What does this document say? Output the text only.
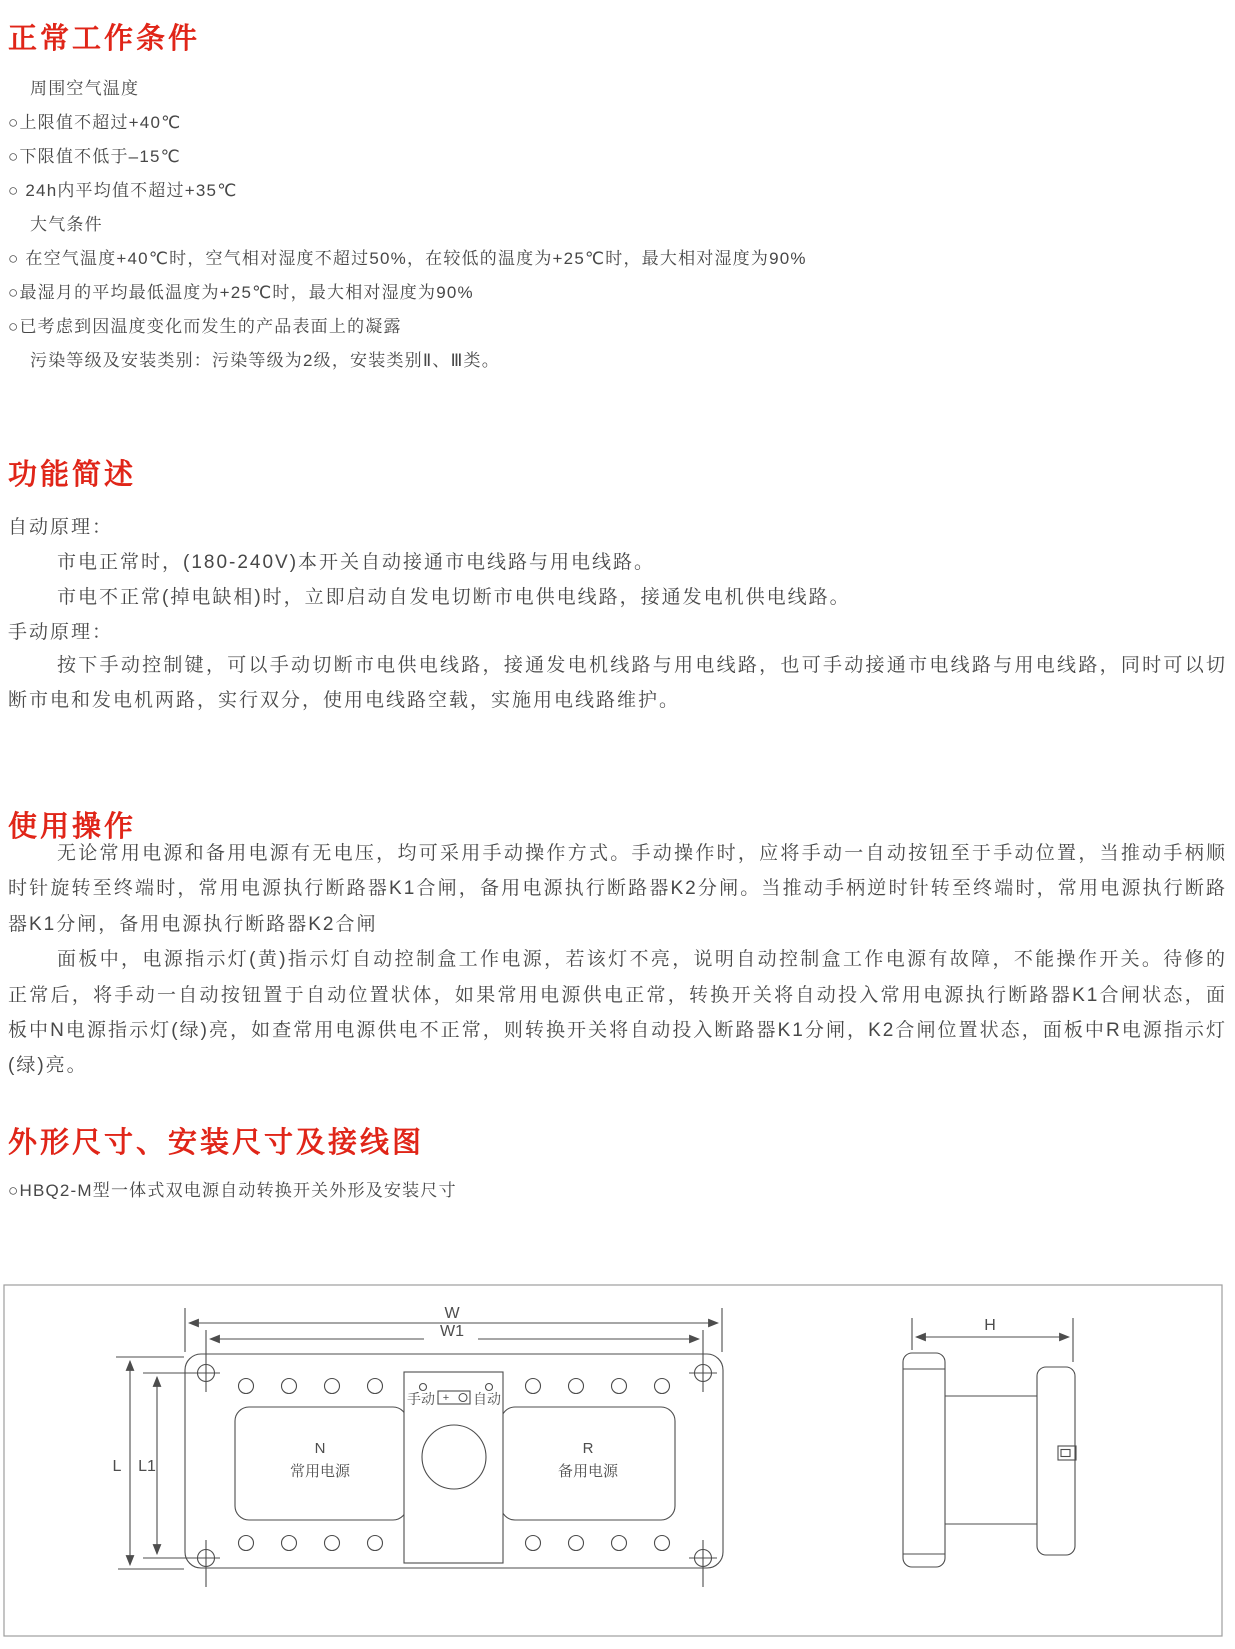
正常工作条件
周围空气温度
○上限值不超过+40℃
○下限值不低于–15℃
○ 24h内平均值不超过+35℃
大气条件
○ 在空气温度+40℃时，空气相对湿度不超过50%，在较低的温度为+25℃时，最大相对湿度为90%
○最湿月的平均最低温度为+25℃时，最大相对湿度为90%
○已考虑到因温度变化而发生的产品表面上的凝露
污染等级及安装类别：污染等级为2级，安装类别Ⅱ、Ⅲ类。
功能简述
自动原理：
市电正常时，(180-240V)本开关自动接通市电线路与用电线路。
市电不正常(掉电缺相)时，立即启动自发电切断市电供电线路，接通发电机供电线路。
手动原理：

按下手动控制键，可以手动切断市电供电线路，接通发电机线路与用电线路，也可手动接通市电线路与用电线路，同时可以切断市电和发电机两路，实行双分，使用电线路空载，实施用电线路维护。

使用操作

无论常用电源和备用电源有无电压，均可采用手动操作方式。手动操作时，应将手动一自动按钮至于手动位置，当推动手柄顺时针旋转至终端时，常用电源执行断路器K1合闸，备用电源执行断路器K2分闸。当推动手柄逆时针转至终端时，常用电源执行断路器K1分闸，备用电源执行断路器K2合闸

面板中，电源指示灯(黄)指示灯自动控制盒工作电源，若该灯不亮，说明自动控制盒工作电源有故障，不能操作开关。待修的正常后，将手动一自动按钮置于自动位置状体，如果常用电源供电正常，转换开关将自动投入常用电源执行断路器K1合闸状态，面板中N电源指示灯(绿)亮，如查常用电源供电不正常，则转换开关将自动投入断路器K1分闸，K2合闸位置状态，面板中R电源指示灯(绿)亮。

外形尺寸、安装尺寸及接线图
○HBQ2-M型一体式双电源自动转换开关外形及安装尺寸
W
W1
L L1
H
手动 + 自动
N
常用电源
R
备用电源
